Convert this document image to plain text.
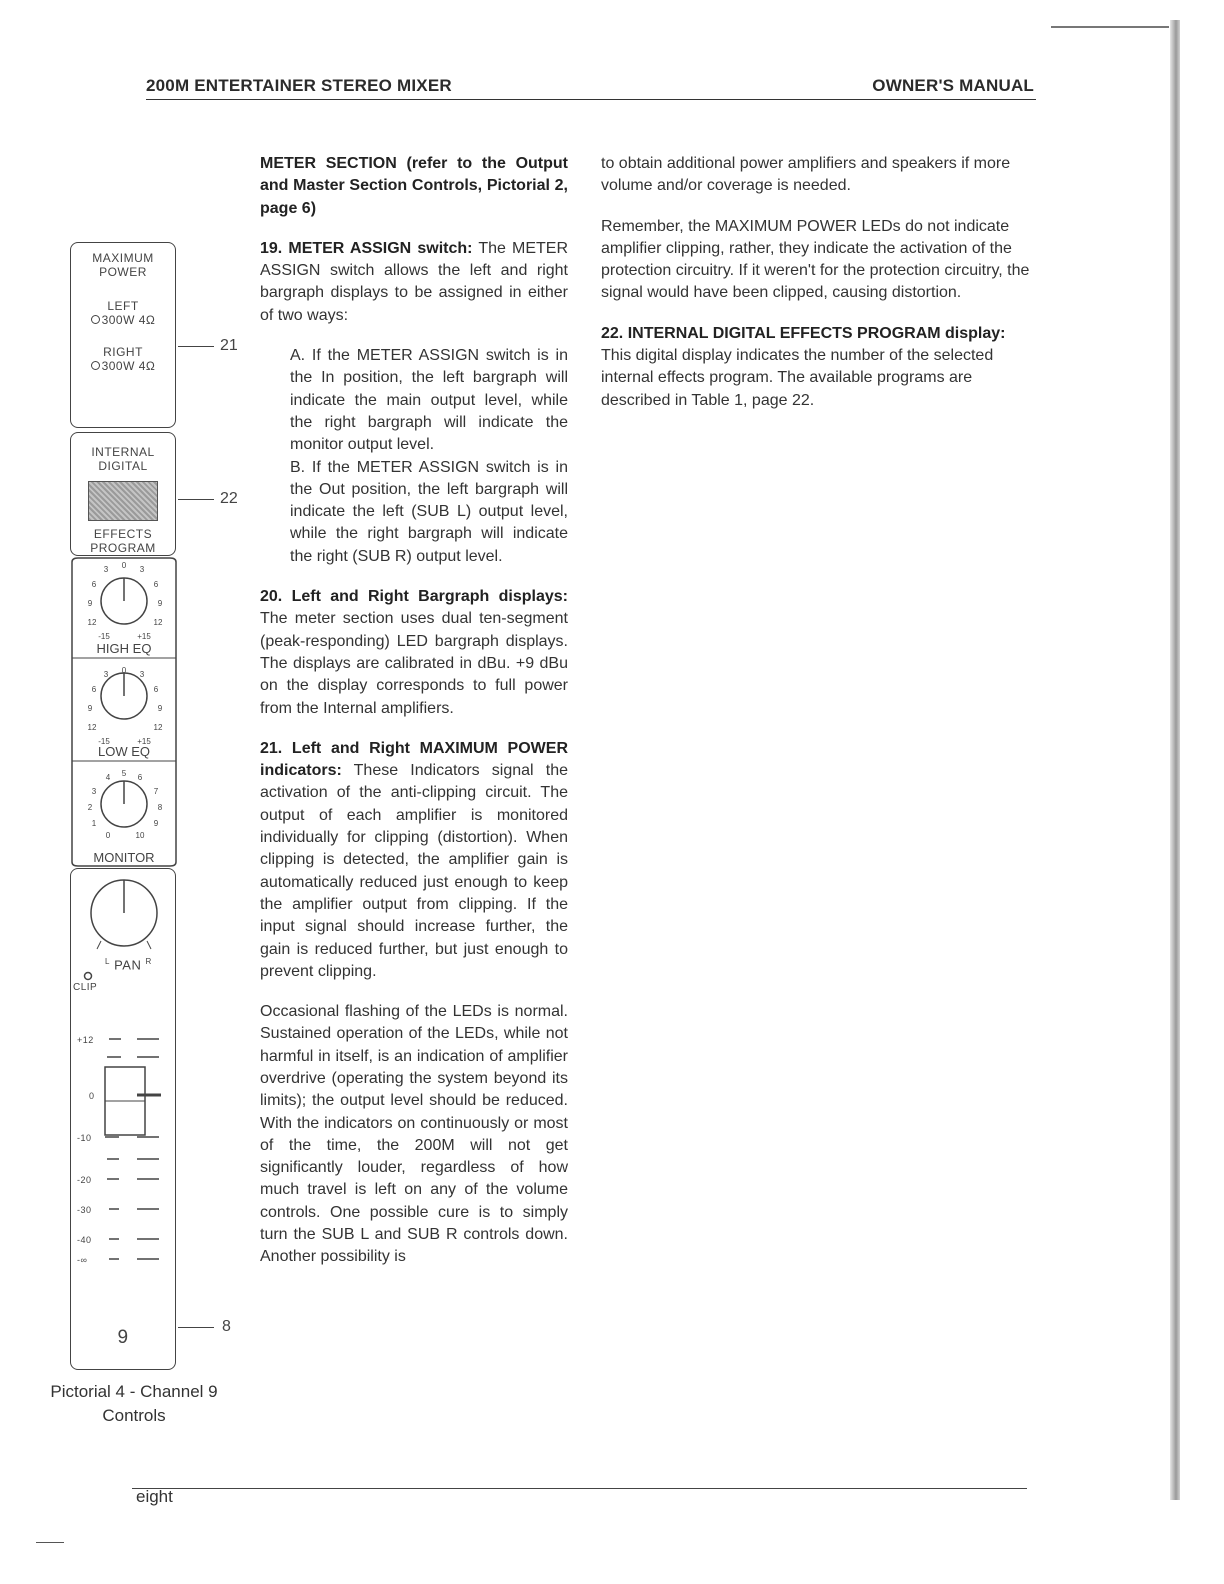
200M ENTERTAINER STEREO MIXER	OWNER'S MANUAL

METER SECTION (refer to the Output and Master Section Controls, Pictorial 2, page 6)

19. METER ASSIGN switch: The METER ASSIGN switch allows the left and right bargraph displays to be assigned in either of two ways:

A. If the METER ASSIGN switch is in the In position, the left bargraph will indicate the main output level, while the right bargraph will indicate the monitor output level.

B. If the METER ASSIGN switch is in the Out position, the left bargraph will indicate the left (SUB L) output level, while the right bargraph will indicate the right (SUB R) output level.

20. Left and Right Bargraph displays: The meter section uses dual ten-segment (peak-responding) LED bargraph displays. The displays are calibrated in dBu. +9 dBu on the display corresponds to full power from the Internal amplifiers.

21. Left and Right MAXIMUM POWER indicators: These Indicators signal the activation of the anti-clipping circuit. The output of each amplifier is monitored individually for clipping (distortion). When clipping is detected, the amplifier gain is automatically reduced just enough to keep the amplifier output from clipping. If the input signal should increase further, the gain is reduced further, but just enough to prevent clipping.

Occasional flashing of the LEDs is normal. Sustained operation of the LEDs, while not harmful in itself, is an indication of amplifier overdrive (operating the system beyond its limits); the output level should be reduced. With the indicators on continuously or most of the time, the 200M will not get significantly louder, regardless of how much travel is left on any of the volume controls. One possible cure is to simply turn the SUB L and SUB R controls down. Another possibility is

to obtain additional power amplifiers and speakers if more volume and/or coverage is needed.

Remember, the MAXIMUM POWER LEDs do not indicate amplifier clipping, rather, they indicate the activation of the protection circuitry. If it weren't for the protection circuitry, the signal would have been clipped, causing distortion.

22. INTERNAL DIGITAL EFFECTS PROGRAM display: This digital display indicates the number of the selected internal effects program. The available programs are described in Table 1, page 22.

MAXIMUM
POWER
LEFT
300W 4Ω
RIGHT
300W 4Ω
INTERNAL
DIGITAL
EFFECTS
PROGRAM
3 0 3
6
9
12
6
9
12
-15	+15
3 0 3
6
9
12
6
9
12
-15	+15
4 5 6
3	7
2	8
1	9
0	10
HIGH EQ
LOW EQ
MONITOR
$^L$ PAN $^R$
CLIP
+12
0
-10
-20
-30
-40
-∞
9
21
22
8
Pictorial 4 - Channel 9
Controls
eight
